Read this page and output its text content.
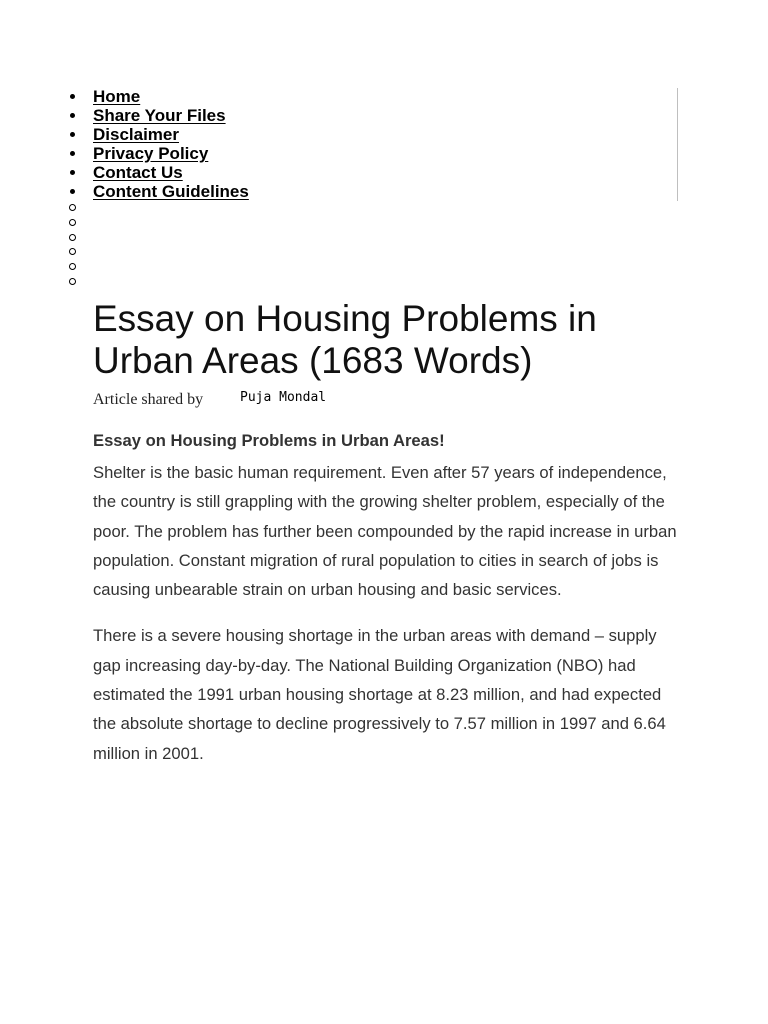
Home
Share Your Files
Disclaimer
Privacy Policy
Contact Us
Content Guidelines
Essay on Housing Problems in Urban Areas (1683 Words)
Article shared by	Puja Mondal

Essay on Housing Problems in Urban Areas!

Shelter is the basic human requirement. Even after 57 years of independence, the country is still grappling with the growing shelter problem, especially of the poor. The problem has further been compounded by the rapid increase in urban population. Constant migration of rural population to cities in search of jobs is causing unbearable strain on urban housing and basic services.

There is a severe housing shortage in the urban areas with demand – supply gap increasing day-by-day. The National Building Organization (NBO) had estimated the 1991 urban housing shortage at 8.23 million, and had expected the absolute shortage to decline progressively to 7.57 million in 1997 and 6.64 million in 2001.
